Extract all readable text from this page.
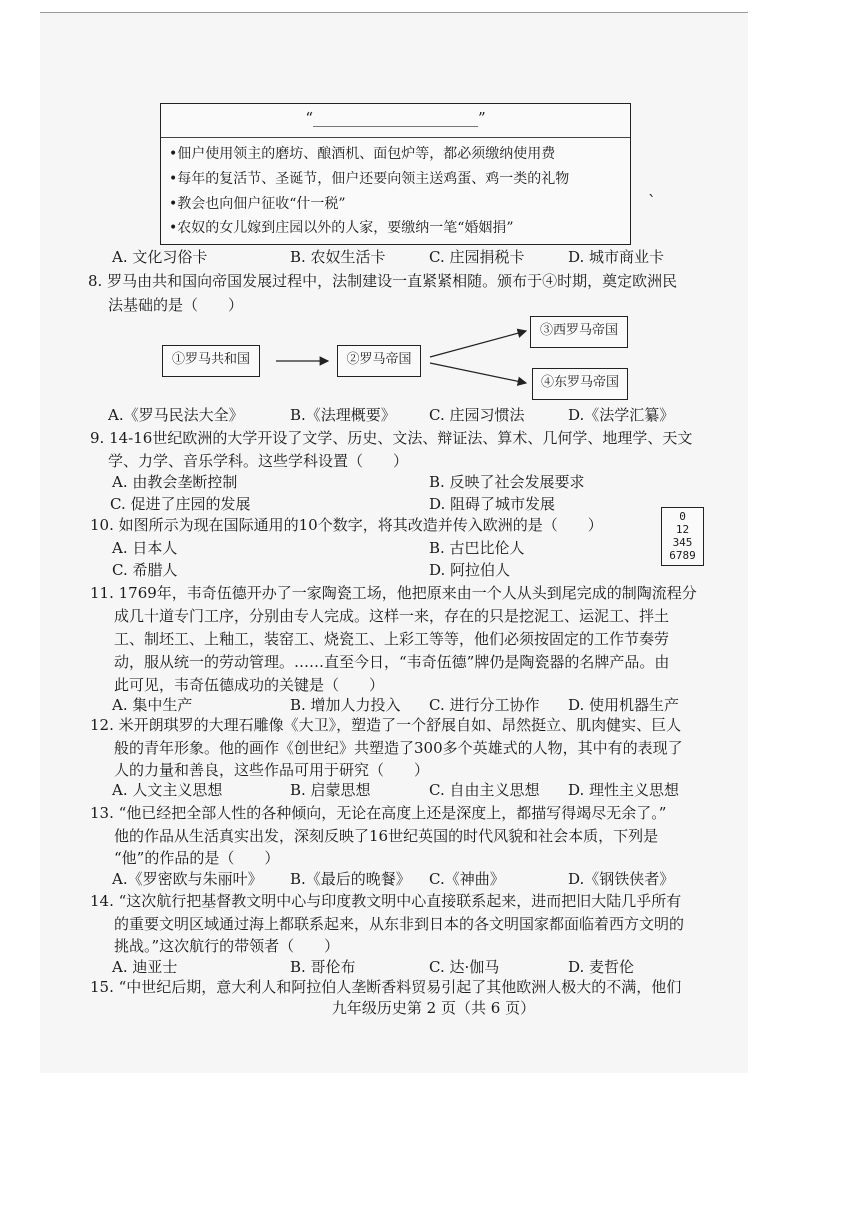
“______________________”
•佃户使用领主的磨坊、酿酒机、面包炉等，都必须缴纳使用费
•每年的复活节、圣诞节，佃户还要向领主送鸡蛋、鸡一类的礼物
•教会也向佃户征收“什一税”
•农奴的女儿嫁到庄园以外的人家，要缴纳一笔“婚姻捐”
ˋ
A. 文化习俗卡	B. 农奴生活卡	C. 庄园捐税卡	D. 城市商业卡
8. 罗马由共和国向帝国发展过程中，法制建设一直紧紧相随。颁布于④时期，奠定欧洲民
法基础的是（　　）
①罗马共和国	②罗马帝国
③西罗马帝国
④东罗马帝国
A.《罗马民法大全》	B.《法理概要》 C. 庄园习惯法	D.《法学汇纂》
9. 14-16世纪欧洲的大学开设了文学、历史、文法、辩证法、算术、几何学、地理学、天文
学、力学、音乐学科。这些学科设置（　　）
A. 由教会垄断控制	B. 反映了社会发展要求
C. 促进了庄园的发展	D. 阻碍了城市发展
10. 如图所示为现在国际通用的10个数字，将其改造并传入欧洲的是（　　）	0
12
345
6789
A. 日本人	B. 古巴比伦人
C. 希腊人	D. 阿拉伯人
11. 1769年，韦奇伍德开办了一家陶瓷工场，他把原来由一个人从头到尾完成的制陶流程分
成几十道专门工序，分别由专人完成。这样一来，存在的只是挖泥工、运泥工、拌土
工、制坯工、上釉工，装窑工、烧瓷工、上彩工等等，他们必须按固定的工作节奏劳
动，服从统一的劳动管理。……直至今日，“韦奇伍德”牌仍是陶瓷器的名牌产品。由
此可见，韦奇伍德成功的关键是（　　）
A. 集中生产	B. 增加人力投入 C. 进行分工协作 D. 使用机器生产
12. 米开朗琪罗的大理石雕像《大卫》，塑造了一个舒展自如、昂然挺立、肌肉健实、巨人
般的青年形象。他的画作《创世纪》共塑造了300多个英雄式的人物，其中有的表现了
人的力量和善良，这些作品可用于研究（　　）
A. 人文主义思想	B. 启蒙思想	C. 自由主义思想 D. 理性主义思想
13. “他已经把全部人性的各种倾向，无论在高度上还是深度上，都描写得竭尽无余了。”
他的作品从生活真实出发，深刻反映了16世纪英国的时代风貌和社会本质，下列是
“他”的作品的是（　　）
A.《罗密欧与朱丽叶》 B.《最后的晚餐》 C.《神曲》	D.《钢铁侠者》
14. “这次航行把基督教文明中心与印度教文明中心直接联系起来，进而把旧大陆几乎所有
的重要文明区域通过海上都联系起来，从东非到日本的各文明国家都面临着西方文明的
挑战。”这次航行的带领者（　　）
A. 迪亚士	B. 哥伦布	C. 达·伽马	D. 麦哲伦
15. “中世纪后期，意大利人和阿拉伯人垄断香料贸易引起了其他欧洲人极大的不满，他们
九年级历史第 2 页（共 6 页）
